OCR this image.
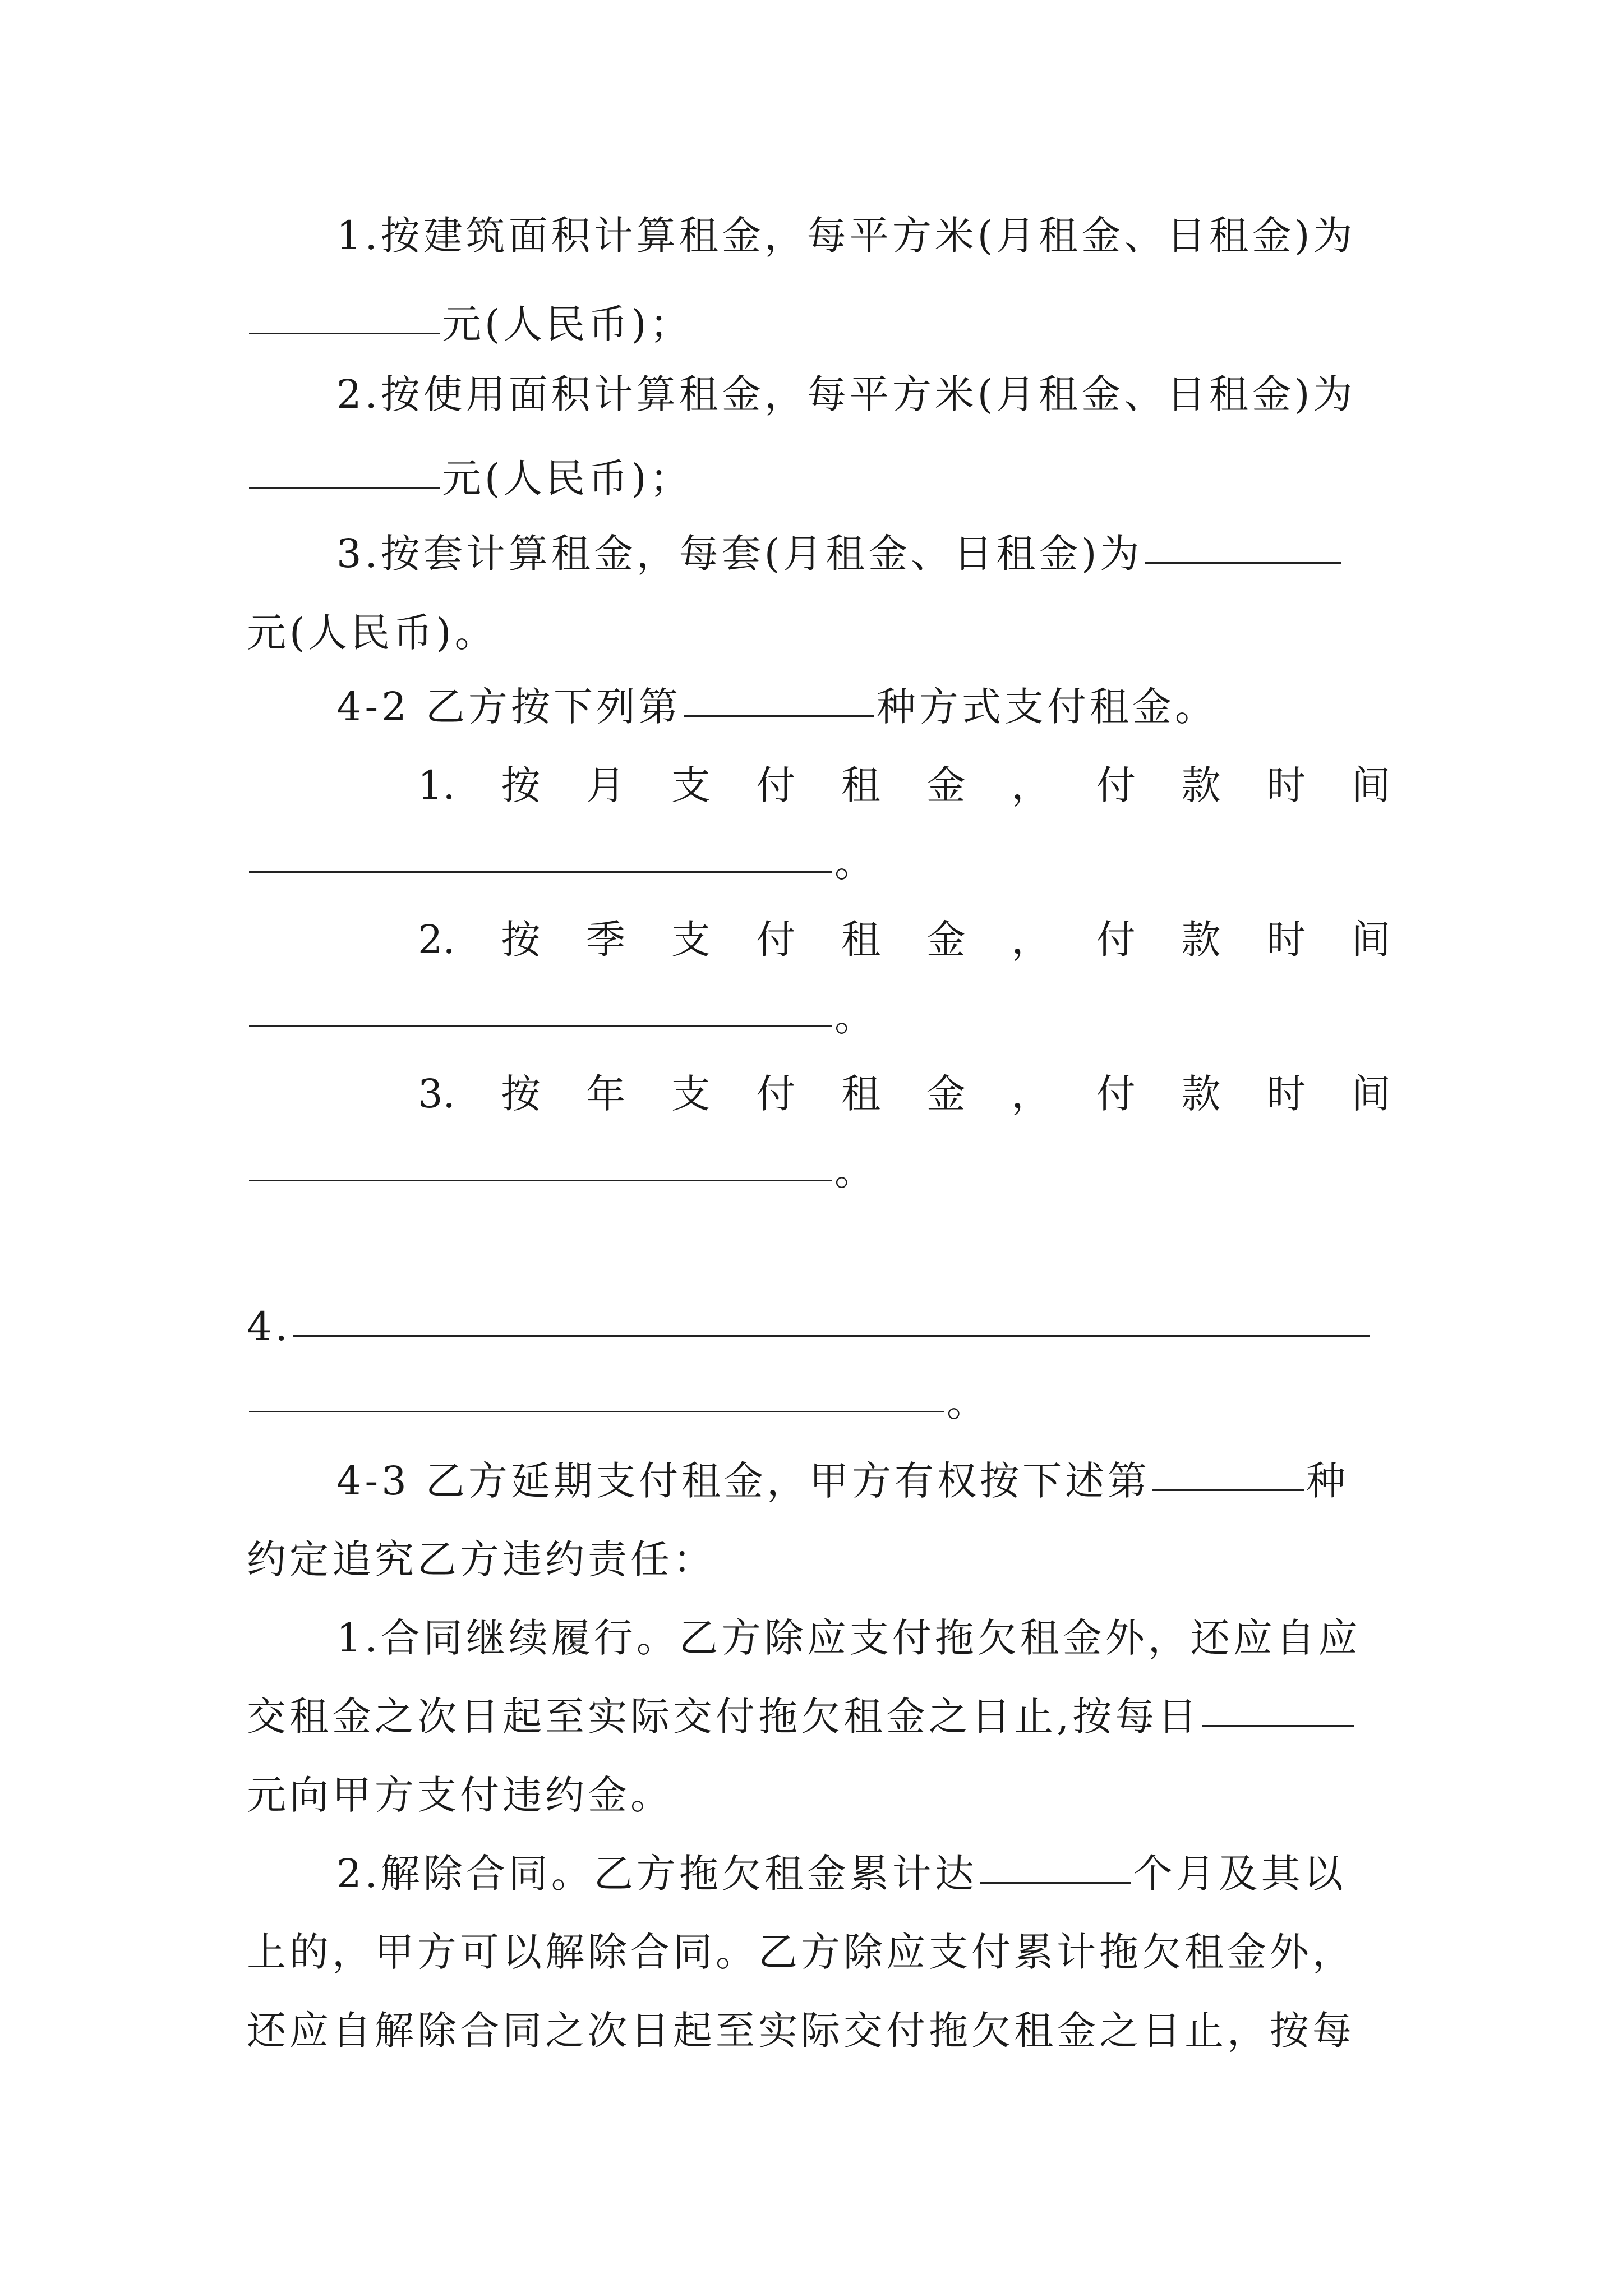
1.按建筑面积计算租金，每平方米(月租金、日租金)为
元(人民币)；
2.按使用面积计算租金，每平方米(月租金、日租金)为
元(人民币)；
3.按套计算租金，每套(月租金、日租金)为
元(人民币)。
4-2 乙方按下列第	种方式支付租金。
1. 按 月 支 付 租 金 ， 付 款 时 间
。
2. 按 季 支 付 租 金 ， 付 款 时 间
。
3. 按 年 支 付 租 金 ， 付 款 时 间
。
4.
。
4-3 乙方延期支付租金，甲方有权按下述第	种
约定追究乙方违约责任：
1.合同继续履行。乙方除应支付拖欠租金外，还应自应
交租金之次日起至实际交付拖欠租金之日止,按每日
元向甲方支付违约金。
2.解除合同。乙方拖欠租金累计达	个月及其以
上的，甲方可以解除合同。乙方除应支付累计拖欠租金外，
还应自解除合同之次日起至实际交付拖欠租金之日止，按每
